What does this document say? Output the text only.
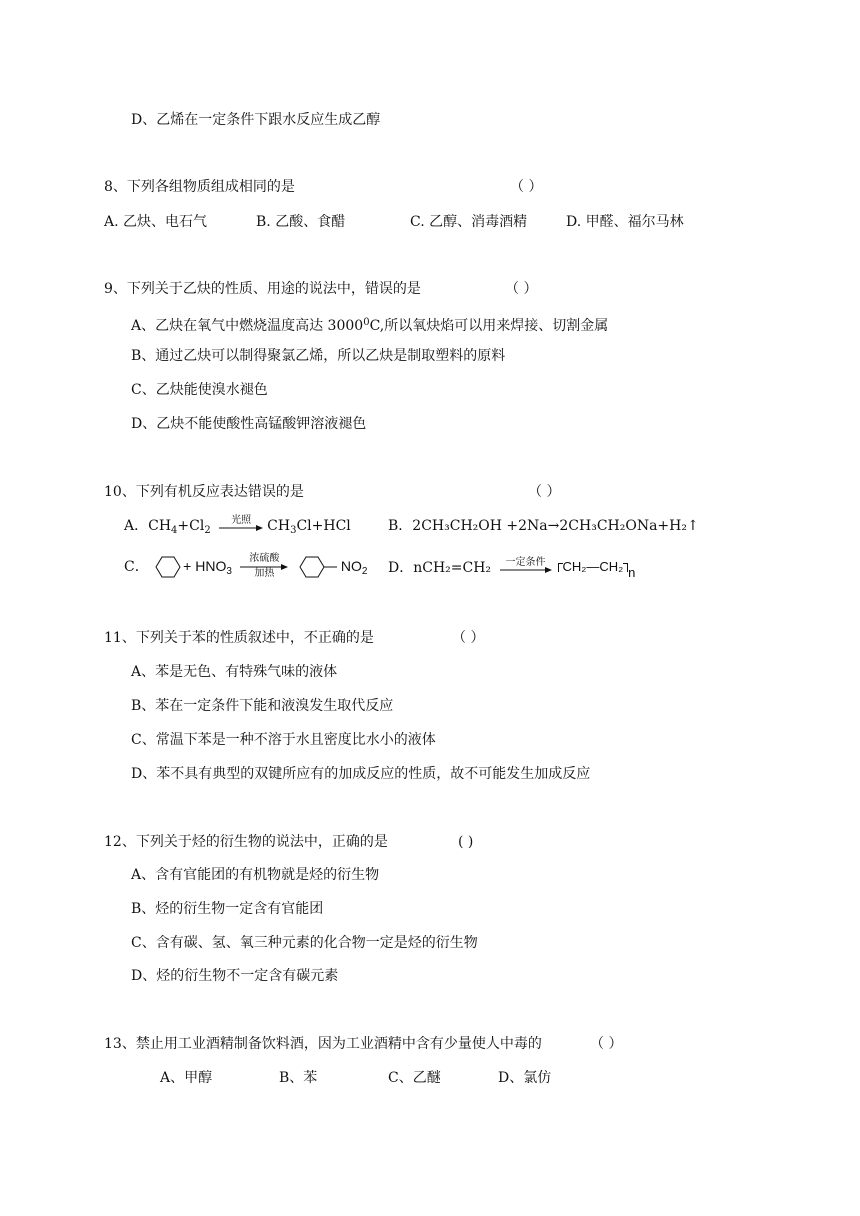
D、乙烯在一定条件下跟水反应生成乙醇
8、下列各组物质组成相同的是	（ ）
A. 乙炔、电石气	B. 乙酸、食醋	C. 乙醇、消毒酒精	D. 甲醛、福尔马林
9、下列关于乙炔的性质、用途的说法中，错误的是	（ ）
A、乙炔在氧气中燃烧温度高达 3000$^0$C,所以氧炔焰可以用来焊接、切割金属
B、通过乙炔可以制得聚氯乙烯，所以乙炔是制取塑料的原料
C、乙炔能使溴水褪色
D、乙炔不能使酸性高锰酸钾溶液褪色
10、下列有机反应表达错误的是	（ ）
A．$CH_4+Cl_2$
光照	$CH_3Cl+HCl$	B．2CH₃CH₂OH +2Na→2CH₃CH₂ONa+H₂↑
C． + $HNO_3$
浓硫酸
加热
	$NO_2$ D．nCH₂=CH₂	一定条件	CH₂—CH₂ n
11、下列关于苯的性质叙述中，不正确的是	（ ）
A、苯是无色、有特殊气味的液体
B、苯在一定条件下能和液溴发生取代反应
C、常温下苯是一种不溶于水且密度比水小的液体
D、苯不具有典型的双键所应有的加成反应的性质，故不可能发生加成反应
12、下列关于烃的衍生物的说法中，正确的是	( )
A、含有官能团的有机物就是烃的衍生物
B、烃的衍生物一定含有官能团
C、含有碳、氢、氧三种元素的化合物一定是烃的衍生物
D、烃的衍生物不一定含有碳元素
13、禁止用工业酒精制备饮料酒，因为工业酒精中含有少量使人中毒的	（ ）
A、甲醇	B、苯	C、乙醚	D、氯仿
